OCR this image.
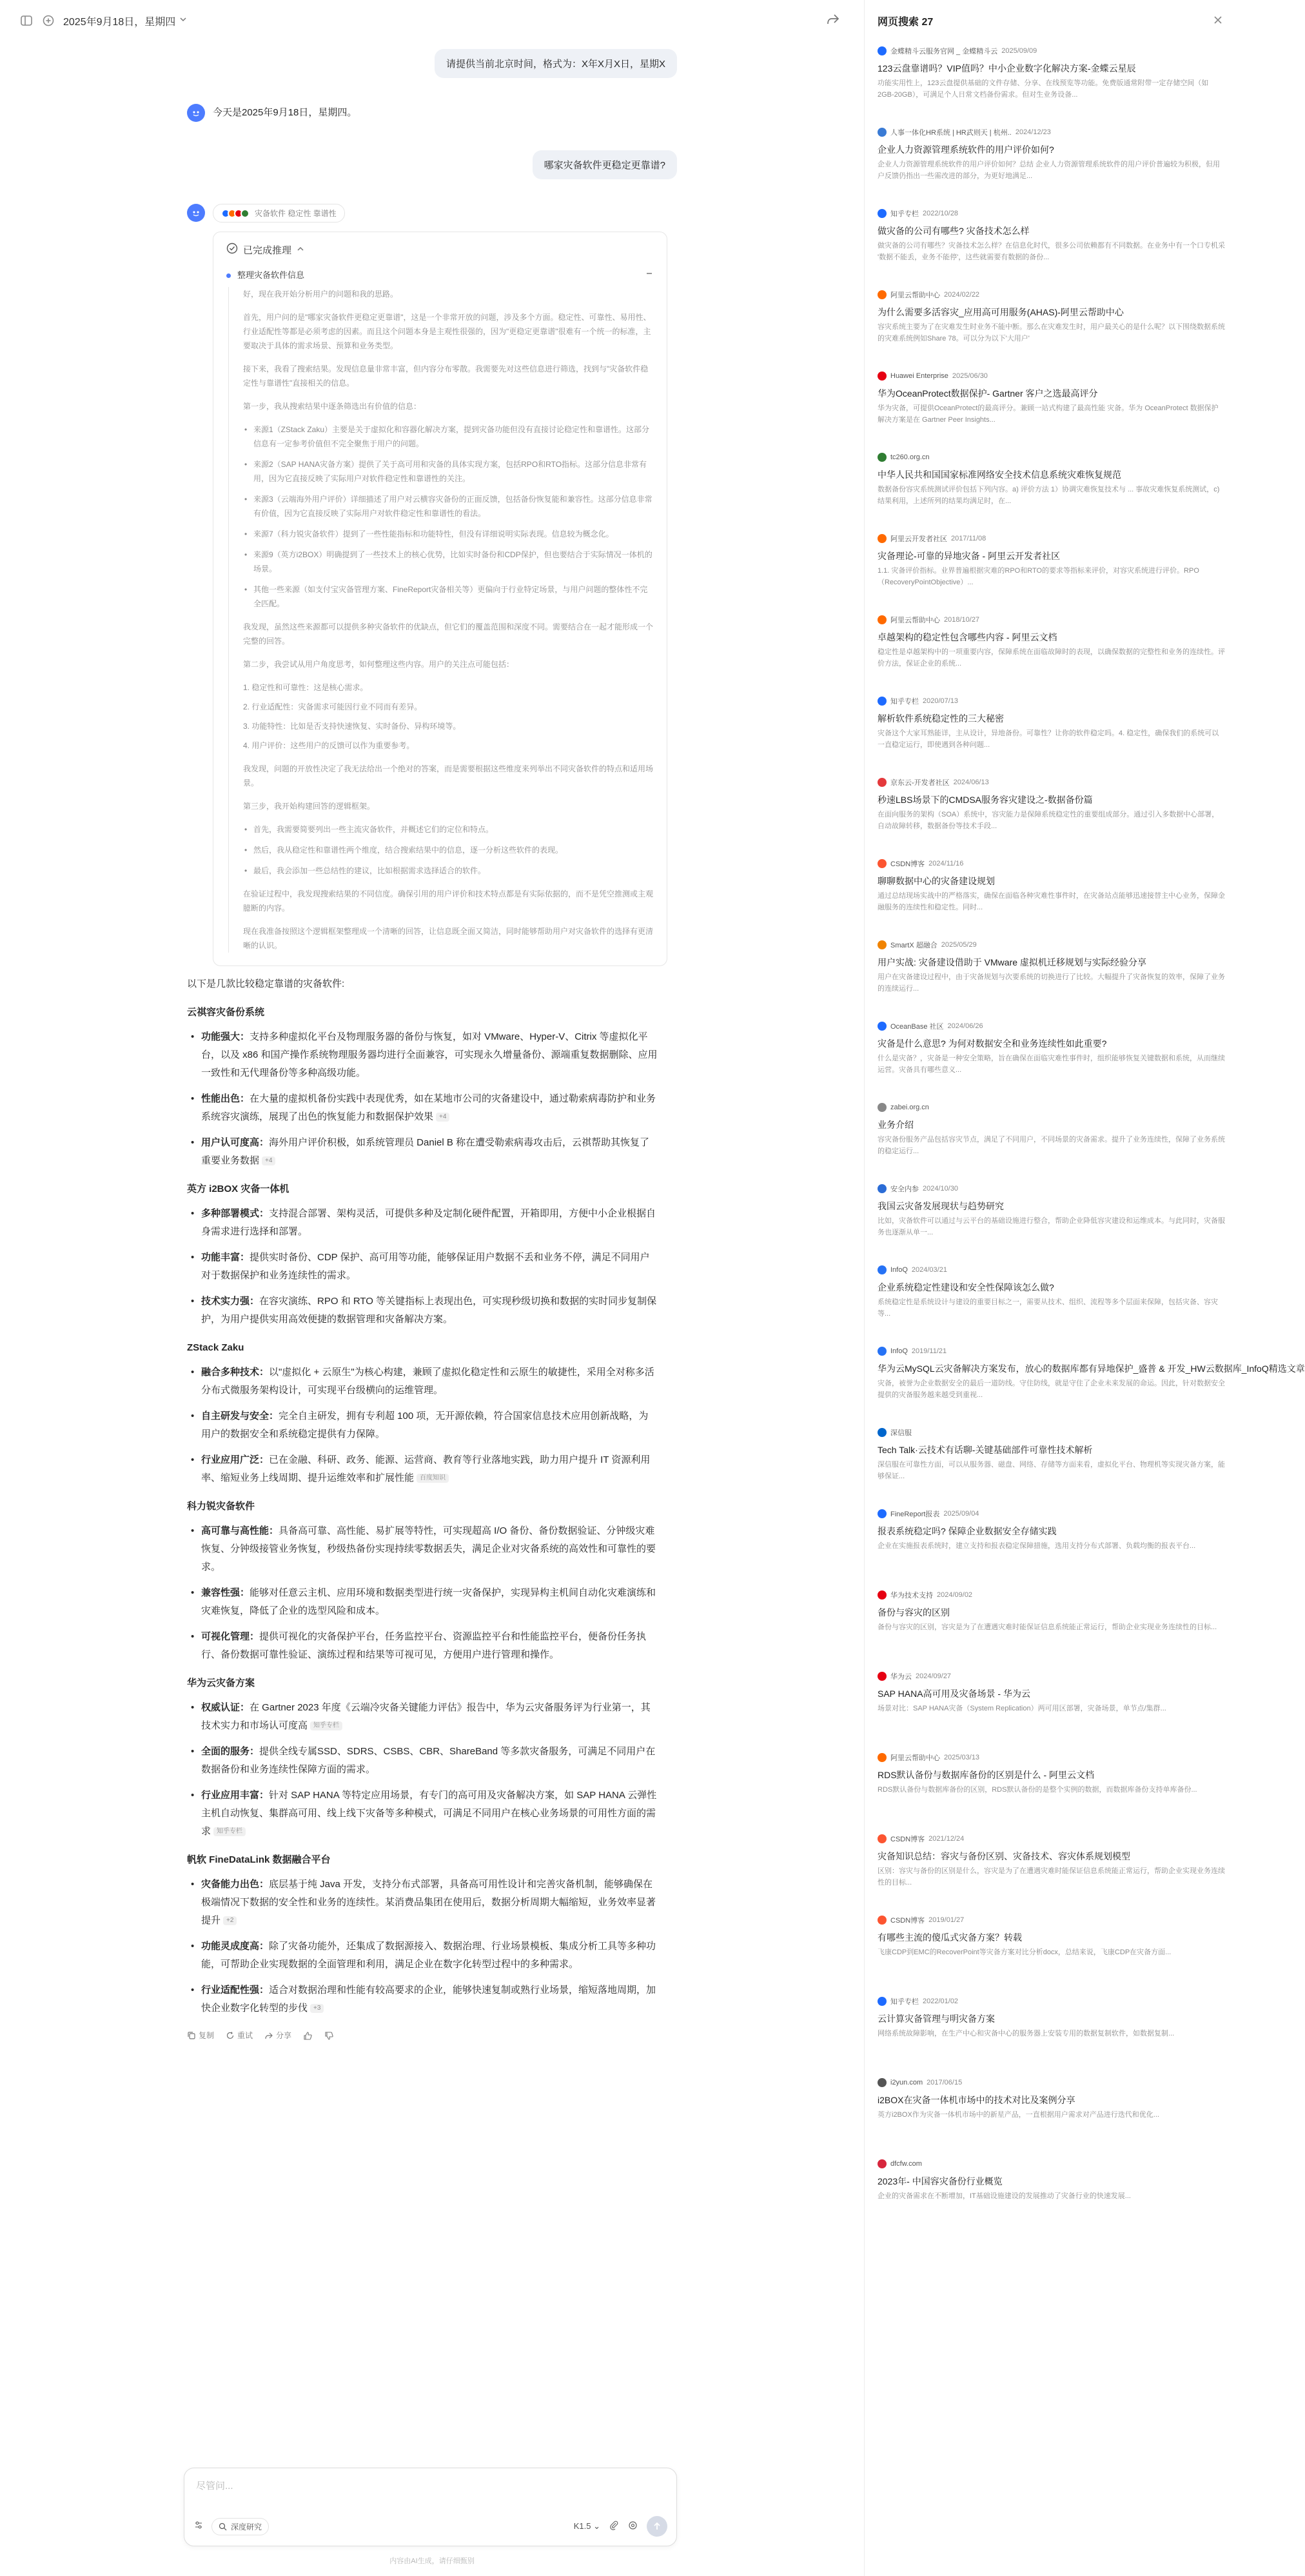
2025年9月18日，星期四
请提供当前北京时间，格式为：X年X月X日，星期X
今天是2025年9月18日，星期四。
哪家灾备软件更稳定更靠谱?
灾备软件 稳定性 靠谱性
已完成推理
整理灾备软件信息

好，现在我开始分析用户的问题和我的思路。

首先，用户问的是"哪家灾备软件更稳定更靠谱"，这是一个非常开放的问题，涉及多个方面。稳定性、可靠性、易用性、行业适配性等都是必须考虑的因素。而且这个问题本身是主观性很强的，因为"更稳定更靠谱"很难有一个统一的标准，主要取决于具体的需求场景、预算和业务类型。

接下来，我看了搜索结果。发现信息量非常丰富，但内容分布零散。我需要先对这些信息进行筛选，找到与"灾备软件稳定性与靠谱性"直接相关的信息。

第一步，我从搜索结果中逐条筛选出有价值的信息：

• 来源1（ZStack Zaku）主要是关于虚拟化和容器化解决方案，提到灾备功能但没有直接讨论稳定性和靠谱性。这部分信息有一定参考价值但不完全聚焦于用户的问题。
• 来源2（SAP HANA灾备方案）提供了关于高可用和灾备的具体实现方案，包括RPO和RTO指标。这部分信息非常有用，因为它直接反映了实际用户对软件稳定性和靠谱性的关注。
• 来源3（云端海外用户评价）详细描述了用户对云横容灾备份的正面反馈，包括备份恢复能和兼容性。这部分信息非常有价值，因为它直接反映了实际用户对软件稳定性和靠谱性的看法。
• 来源7（科力锐灾备软件）提到了一些性能指标和功能特性，但没有详细说明实际表现。信息较为概念化。
• 来源9（英方i2BOX）明确提到了一些技术上的核心优势，比如实时备份和CDP保护，但也要结合于实际情况一体机的场景。
• 其他一些来源（如支付宝灾备管理方案、FineReport灾备相关等）更偏向于行业特定场景，与用户问题的整体性不完全匹配。

我发现，虽然这些来源都可以提供多种灾备软件的优缺点，但它们的覆盖范围和深度不同。需要结合在一起才能形成一个完整的回答。

第二步，我尝试从用户角度思考，如何整理这些内容。用户的关注点可能包括：

1. 稳定性和可靠性：这是核心需求。
2. 行业适配性：灾备需求可能因行业不同而有差异。
3. 功能特性：比如是否支持快速恢复、实时备份、异构环境等。
4. 用户评价：这些用户的反馈可以作为重要参考。

我发现，问题的开放性决定了我无法给出一个绝对的答案，而是需要根据这些维度来列举出不同灾备软件的特点和适用场景。

第三步，我开始构建回答的逻辑框架。

• 首先，我需要简要列出一些主流灾备软件，并概述它们的定位和特点。
• 然后，我从稳定性和靠谱性两个维度，结合搜索结果中的信息，逐一分析这些软件的表现。
• 最后，我会添加一些总结性的建议，比如根据需求选择适合的软件。

在验证过程中，我发现搜索结果的不同信度。确保引用的用户评价和技术特点都是有实际依据的，而不是凭空推测或主观臆断的内容。

现在我准备按照这个逻辑框架整理成一个清晰的回答，让信息既全面又简洁，同时能够帮助用户对灾备软件的选择有更清晰的认识。

以下是几款比较稳定靠谱的灾备软件:
云祺容灾备份系统
• 功能强大：支持多种虚拟化平台及物理服务器的备份与恢复，如对 VMware、Hyper-V、Citrix 等虚拟化平台，以及 x86 和国产操作系统物理服务器均进行全面兼容，可实现永久增量备份、源端重复数据删除、应用一致性和无代理备份等多种高级功能。
• 性能出色：在大量的虚拟机备份实践中表现优秀，如在某地市公司的灾备建设中，通过勒索病毒防护和业务系统容灾演练，展现了出色的恢复能力和数据保护效果 +4
• 用户认可度高：海外用户评价积极，如系统管理员 Daniel B 称在遭受勒索病毒攻击后，云祺帮助其恢复了重要业务数据 +4
英方 i2BOX 灾备一体机
• 多种部署模式：支持混合部署、架构灵活，可提供多种及定制化硬件配置，开箱即用，方便中小企业根据自身需求进行选择和部署。
• 功能丰富：提供实时备份、CDP 保护、高可用等功能，能够保证用户数据不丢和业务不停，满足不同用户对于数据保护和业务连续性的需求。
• 技术实力强：在容灾演练、RPO 和 RTO 等关键指标上表现出色，可实现秒级切换和数据的实时同步复制保护，为用户提供实用高效便捷的数据管理和灾备解决方案。
ZStack Zaku
• 融合多种技术：以"虚拟化 + 云原生"为核心构建，兼顾了虚拟化稳定性和云原生的敏捷性，采用全对称多活分布式微服务架构设计，可实现平台级横向的运维管理。
• 自主研发与安全：完全自主研发，拥有专利超 100 项，无开源依赖，符合国家信息技术应用创新战略，为用户的数据安全和系统稳定提供有力保障。
• 行业应用广泛：已在金融、科研、政务、能源、运营商、教育等行业落地实践，助力用户提升 IT 资源利用率、缩短业务上线周期、提升运维效率和扩展性能 百度知识
科力锐灾备软件
• 高可靠与高性能：具备高可靠、高性能、易扩展等特性，可实现超高 I/O 备份、备份数据验证、分钟级灾难恢复、分钟级接管业务恢复，秒级热备份实现持续零数据丢失，满足企业对灾备系统的高效性和可靠性的要求。
• 兼容性强：能够对任意云主机、应用环境和数据类型进行统一灾备保护，实现异构主机间自动化灾难演练和灾难恢复，降低了企业的选型风险和成本。
• 可视化管理：提供可视化的灾备保护平台，任务监控平台、资源监控平台和性能监控平台，便备份任务执行、备份数据可靠性验证、演练过程和结果等可视可见，方便用户进行管理和操作。
华为云灾备方案
• 权威认证：在 Gartner 2023 年度《云端冷灾备关键能力评估》报告中，华为云灾备服务评为行业第一，其技术实力和市场认可度高 知乎专栏
• 全面的服务：提供全线专属SSD、SDRS、CSBS、CBR、ShareBand 等多款灾备服务，可满足不同用户在数据备份和业务连续性保障方面的需求。
• 行业应用丰富：针对 SAP HANA 等特定应用场景，有专门的高可用及灾备解决方案，如 SAP HANA 云弹性主机自动恢复、集群高可用、线上线下灾备等多种模式，可满足不同用户在核心业务场景的可用性方面的需求 知乎专栏
帆软 FineDataLink 数据融合平台
• 灾备能力出色：底层基于纯 Java 开发，支持分布式部署，具备高可用性设计和完善灾备机制，能够确保在极端情况下数据的安全性和业务的连续性。某消费品集团在使用后，数据分析周期大幅缩短，业务效率显著提升 +2
• 功能灵成度高：除了灾备功能外，还集成了数据源接入、数据治理、行业场景模板、集成分析工具等多种功能，可帮助企业实现数据的全面管理和利用，满足企业在数字化转型过程中的多种需求。
• 行业适配性强：适合对数据治理和性能有较高要求的企业，能够快速复制或熟行业场景，缩短落地周期，加快企业数字化转型的步伐 +3
复制	重试	分享
尽管问...
深度研究	K1.5 ⌄
内容由AI生成，请仔细甄别
网页搜索 27
金蝶精斗云服务官网 _ 金蝶精斗云 2025/09/09
123云盘靠谱吗？VIP值吗？中小企业数字化解决方案-金蝶云星辰
功能实用性上，123云盘提供基础的文件存储、分享、在线预览等功能。免费版通常附带一定存储空间（如2GB-20GB），可满足个人日常文档备份需求。但对生业务设备...
人事一体化HR系统 | HR武则天 | 杭州.. 2024/12/23
企业人力资源管理系统软件的用户评价如何?
企业人力资源管理系统软件的用户评价如何？总结 企业人力资源管理系统软件的用户评价普遍较为积极，但用户反馈仍指出一些需改进的部分，为更好地满足...
知乎专栏 2022/10/28
做灾备的公司有哪些? 灾备技术怎么样
做灾备的公司有哪些？灾备技术怎么样？在信息化时代，很多公司依赖都有不同数据。在业务中有一个口专机采 '数据不能丢，业务不能停'，这些就需要有数据的备份...
阿里云帮助中心 2024/02/22
为什么需要多活容灾_应用高可用服务(AHAS)-阿里云帮助中心
容灾系统主要为了在灾难发生时业务不能中断。那么在灾难发生时，用户最关心的是什么呢？以下围绕数据系统的灾难系统例如Share 78。可以分为以下'大用户'
Huawei Enterprise 2025/06/30
华为OceanProtect数据保护- Gartner 客户之选最高评分
华为灾备，可提供OceanProtect的最高评分。兼顾一站式构建了最高性能 灾备。华为 OceanProtect 数据保护解决方案是在 Gartner Peer Insights...
tc260.org.cn
中华人民共和国国家标准网络安全技术信息系统灾难恢复规范
数据备份容灾系统测试评价包括下列内容。a) 评价方法 1）协调灾难恢复技术与 ... 事故灾难恢复系统测试，c) 结果利用，上述所列的结果均满足时，在...
阿里云开发者社区 2017/11/08
灾备理论-可靠的异地灾备 - 阿里云开发者社区
1.1. 灾备评价指标。业界普遍根据灾难的RPO和RTO的要求等指标来评价，对容灾系统进行评价。RPO（RecoveryPointObjective）...
阿里云帮助中心 2018/10/27
卓越架构的稳定性包含哪些内容 - 阿里云文档
稳定性是卓越架构中的一项重要内容，保障系统在面临故障时的表现，以确保数据的完整性和业务的连续性。评价方法，保证企业的系统...
知乎专栏 2020/07/13
解析软件系统稳定性的三大秘密
灾备这个大家耳熟能详，主从设计，异地备份。可靠性？让你的软件稳定吗。4. 稳定性，确保我们的系统可以一直稳定运行，即使遇到各种问题...
京东云-开发者社区 2024/06/13
秒速LBS场景下的CMDSA服务容灾建设之-数据备份篇
在面向服务的架构（SOA）系统中，容灾能力是保障系统稳定性的重要组成部分。通过引入多数据中心部署，自动故障转移，数据备份等技术手段...
CSDN博客 2024/11/16
聊聊数据中心的灾备建设规划
通过总结现场实战中的严格落实，确保在面临各种灾难性事件时，在灾备站点能够迅速接替主中心业务，保障金融服务的连续性和稳定性。同时...
SmartX 超融合 2025/05/29
用户实战: 灾备建设借助于 VMware 虚拟机迁移规划与实际经验分享
用户在灾备建设过程中，由于灾备规划与次要系统的切换进行了比较。大幅提升了灾备恢复的效率，保障了业务的连续运行...
OceanBase 社区 2024/06/26
灾备是什么意思? 为何对数据安全和业务连续性如此重要?
什么是灾备？，灾备是一种安全策略，旨在确保在面临灾难性事件时，组织能够恢复关键数据和系统，从而继续运营。灾备具有哪些意义...
zabei.org.cn
业务介绍
容灾备份服务产品包括容灾节点，满足了不同用户，不同场景的灾备需求。提升了业务连续性，保障了业务系统的稳定运行...
安全内参 2024/10/30
我国云灾备发展现状与趋势研究
比如，灾备软件可以通过与云平台的基础设施进行整合，帮助企业降低容灾建设和运维成本。与此同时，灾备服务也逐渐从单一...
InfoQ 2024/03/21
企业系统稳定性建设和安全性保障该怎么做?
系统稳定性是系统设计与建设的重要目标之一，需要从技术、组织、流程等多个层面来保障，包括灾备、容灾等...
InfoQ 2019/11/21
华为云MySQL云灾备解决方案发布，放心的数据库都有异地保护_盛普 & 开发_HW云数据库_InfoQ精选文章
灾备，被誉为企业数据安全的最后一道防线。守住防线，就是守住了企业未来发展的命运。因此，针对数据安全提供的灾备服务越来越受到重视...
深信服
Tech Talk·云技术有话聊-关键基础部件可靠性技术解析
深信服在可靠性方面，可以从服务器、磁盘、网络、存储等方面来看，虚拟化平台、物理机等实现灾备方案，能够保证...
FineReport报表 2025/09/04
报表系统稳定吗? 保障企业数据安全存储实践
企业在实施报表系统时，建立支持和报表稳定保障措施，选用支持分布式部署、负载均衡的报表平台...
华为技术支持 2024/09/02
备份与容灾的区别
备份与容灾的区别，容灾是为了在遭遇灾难时能保证信息系统能正常运行，帮助企业实现业务连续性的目标...
华为云 2024/09/27
SAP HANA高可用及灾备场景 - 华为云
场景对比：SAP HANA灾备（System Replication）两可用区部署，灾备场景，单节点/集群...
阿里云帮助中心 2025/03/13
RDS默认备份与数据库备份的区别是什么 - 阿里云文档
RDS默认备份与数据库备份的区别，RDS默认备份的是整个实例的数据，而数据库备份支持单库备份...
CSDN博客 2021/12/24
灾备知识总结：容灾与备份区别、灾备技术、容灾体系规划模型
区别：容灾与备份的区别是什么，容灾是为了在遭遇灾难时能保证信息系统能正常运行，帮助企业实现业务连续性的目标...
CSDN博客 2019/01/27
有哪些主流的傻瓜式灾备方案？转载
飞康CDP到EMC的RecoverPoint等灾备方案对比分析docx，总结来说，飞康CDP在灾备方面...
知乎专栏 2022/01/02
云计算灾备管理与明灾备方案
网络系统故障影响，在生产中心和灾备中心的服务器上安装专用的数据复制软件，如数据复制...
i2yun.com 2017/06/15
i2BOX在灾备一体机市场中的技术对比及案例分享
英方i2BOX作为灾备一体机市场中的新星产品，一直根据用户需求对产品进行迭代和优化...
dfcfw.com
2023年- 中国容灾备份行业概览
企业的灾备需求在不断增加，IT基础设施建设的发展推动了灾备行业的快速发展...
